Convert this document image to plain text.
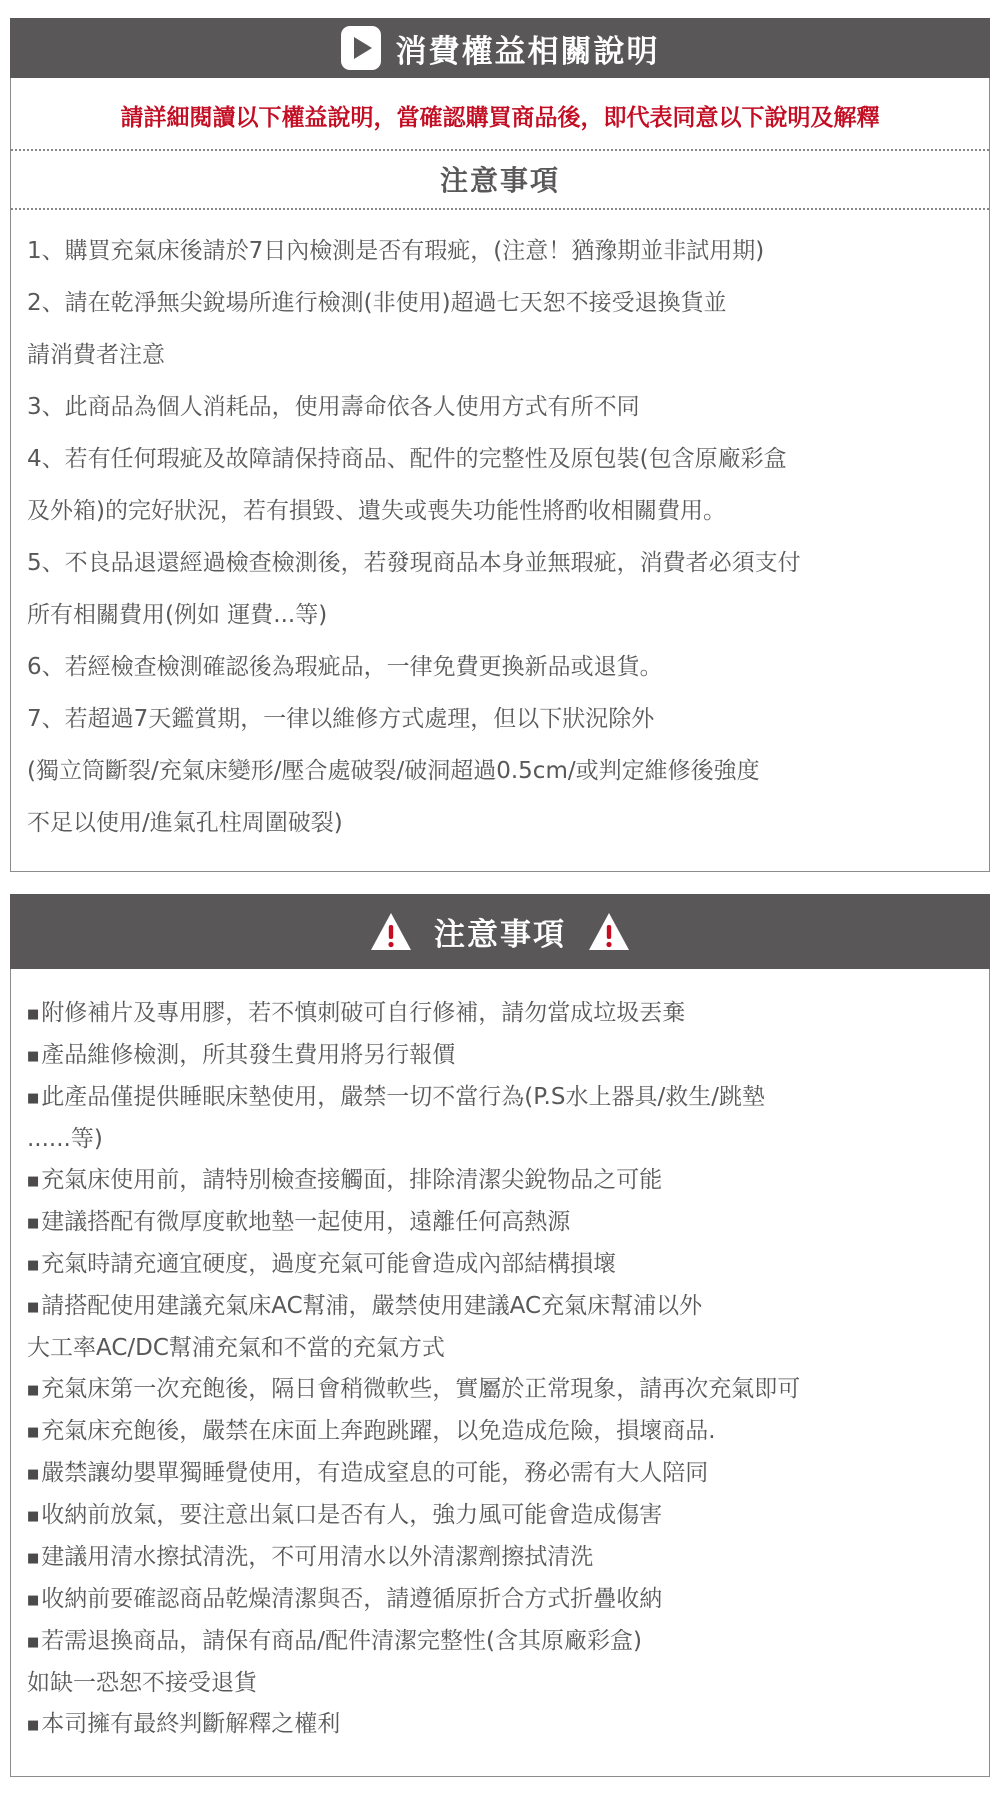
消費權益相關說明

請詳細閱讀以下權益說明，當確認購買商品後，即代表同意以下說明及解釋

注意事項
1、購買充氣床後請於7日內檢測是否有瑕疵，(注意！猶豫期並非試用期)
2、請在乾淨無尖銳場所進行檢測(非使用)超過七天恕不接受退換貨並
請消費者注意
3、此商品為個人消耗品，使用壽命依各人使用方式有所不同
4、若有任何瑕疵及故障請保持商品、配件的完整性及原包裝(包含原廠彩盒
及外箱)的完好狀況，若有損毀、遺失或喪失功能性將酌收相關費用。
5、不良品退還經過檢查檢測後，若發現商品本身並無瑕疵，消費者必須支付
所有相關費用(例如 運費...等)
6、若經檢查檢測確認後為瑕疵品，一律免費更換新品或退貨。
7、若超過7天鑑賞期，一律以維修方式處理，但以下狀況除外
(獨立筒斷裂/充氣床變形/壓合處破裂/破洞超過0.5cm/或判定維修後強度
不足以使用/進氣孔柱周圍破裂)
注意事項
■附修補片及專用膠，若不慎刺破可自行修補，請勿當成垃圾丟棄
■產品維修檢測，所其發生費用將另行報價
■此產品僅提供睡眠床墊使用，嚴禁一切不當行為(P.S水上器具/救生/跳墊
......等)
■充氣床使用前，請特別檢查接觸面，排除清潔尖銳物品之可能
■建議搭配有微厚度軟地墊一起使用，遠離任何高熱源
■充氣時請充適宜硬度，過度充氣可能會造成內部結構損壞
■請搭配使用建議充氣床AC幫浦，嚴禁使用建議AC充氣床幫浦以外
大工率AC/DC幫浦充氣和不當的充氣方式
■充氣床第一次充飽後，隔日會稍微軟些，實屬於正常現象，請再次充氣即可
■充氣床充飽後，嚴禁在床面上奔跑跳躍，以免造成危險，損壞商品.
■嚴禁讓幼嬰單獨睡覺使用，有造成窒息的可能，務必需有大人陪同
■收納前放氣，要注意出氣口是否有人，強力風可能會造成傷害
■建議用清水擦拭清洗，不可用清水以外清潔劑擦拭清洗
■收納前要確認商品乾燥清潔與否，請遵循原折合方式折疊收納
■若需退換商品，請保有商品/配件清潔完整性(含其原廠彩盒)
如缺一恐恕不接受退貨
■本司擁有最終判斷解釋之權利
